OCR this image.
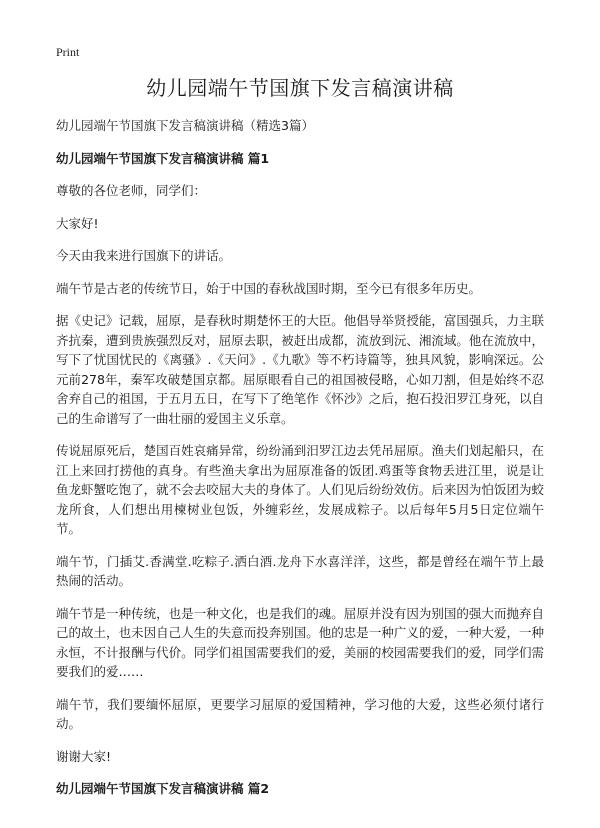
Print
幼儿园端午节国旗下发言稿演讲稿

幼儿园端午节国旗下发言稿演讲稿（精选3篇）

幼儿园端午节国旗下发言稿演讲稿 篇1

尊敬的各位老师，同学们：

大家好!

今天由我来进行国旗下的讲话。

端午节是古老的传统节日，始于中国的春秋战国时期，至今已有很多年历史。

据《史记》记载，屈原，是春秋时期楚怀王的大臣。他倡导举贤授能，富国强兵，力主联齐抗秦，遭到贵族强烈反对，屈原去职，被赶出成都，流放到沅、湘流域。他在流放中，写下了忧国忧民的《离骚》.《天问》.《九歌》等不朽诗篇等，独具风貌，影响深远。公元前278年，秦军攻破楚国京都。屈原眼看自己的祖国被侵略，心如刀割，但是始终不忍舍弃自己的祖国，于五月五日，在写下了绝笔作《怀沙》之后，抱石投汨罗江身死，以自己的生命谱写了一曲壮丽的爱国主义乐章。

传说屈原死后，楚国百姓哀痛异常，纷纷涌到汨罗江边去凭吊屈原。渔夫们划起船只，在江上来回打捞他的真身。有些渔夫拿出为屈原准备的饭团.鸡蛋等食物丢进江里，说是让鱼龙虾蟹吃饱了，就不会去咬屈大夫的身体了。人们见后纷纷效仿。后来因为怕饭团为蛟龙所食，人们想出用楝树业包饭，外缠彩丝，发展成粽子。以后每年5月5日定位端午节。

端午节，门插艾.香满堂.吃粽子.洒白酒.龙舟下水喜洋洋，这些，都是曾经在端午节上最热闹的活动。

端午节是一种传统，也是一种文化，也是我们的魂。屈原并没有因为别国的强大而抛弃自己的故土，也未因自己人生的失意而投奔别国。他的忠是一种广义的爱，一种大爱，一种永恒，不计报酬与代价。同学们祖国需要我们的爱，美丽的校园需要我们的爱，同学们需要我们的爱……

端午节，我们要缅怀屈原，更要学习屈原的爱国精神，学习他的大爱，这些必须付诸行动。

谢谢大家!

幼儿园端午节国旗下发言稿演讲稿 篇2
